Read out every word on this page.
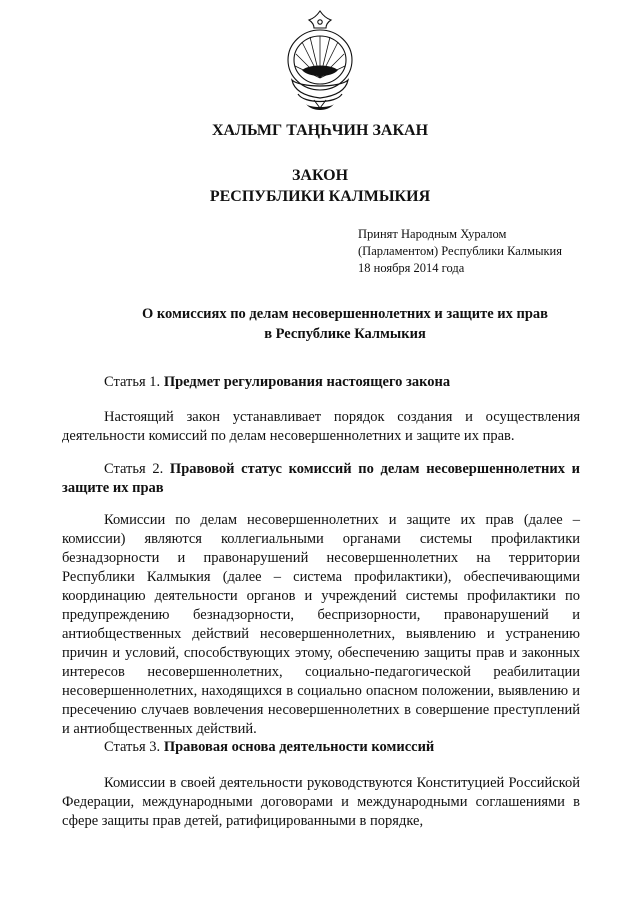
ХАЛЬМГ ТАҢҺЧИН ЗАКАН
ЗАКОН
РЕСПУБЛИКИ КАЛМЫКИЯ
Принят Народным Хуралом
(Парламентом) Республики Калмыкия
18 ноября 2014 года
О комиссиях по делам несовершеннолетних и защите их прав
в Республике Калмыкия

Статья 1. Предмет регулирования настоящего закона

Настоящий закон устанавливает порядок создания и осуществления деятельности комиссий по делам несовершеннолетних и защите их прав.

Статья 2. Правовой статус комиссий по делам несовершеннолетних и защите их прав

Комиссии по делам несовершеннолетних и защите их прав (далее – комиссии) являются коллегиальными органами системы профилактики безнадзорности и правонарушений несовершеннолетних на территории Республики Калмыкия (далее – система профилактики), обеспечивающими координацию деятельности органов и учреждений системы профилактики по предупреждению безнадзорности, беспризорности, правонарушений и антиобщественных действий несовершеннолетних, выявлению и устранению причин и условий, способствующих этому, обеспечению защиты прав и законных интересов несовершеннолетних, социально-педагогической реабилитации несовершеннолетних, находящихся в социально опасном положении, выявлению и пресечению случаев вовлечения несовершеннолетних в совершение преступлений и антиобщественных действий.

Статья 3. Правовая основа деятельности комиссий

Комиссии в своей деятельности руководствуются Конституцией Российской Федерации, международными договорами и международными соглашениями в сфере защиты прав детей, ратифицированными в порядке,
